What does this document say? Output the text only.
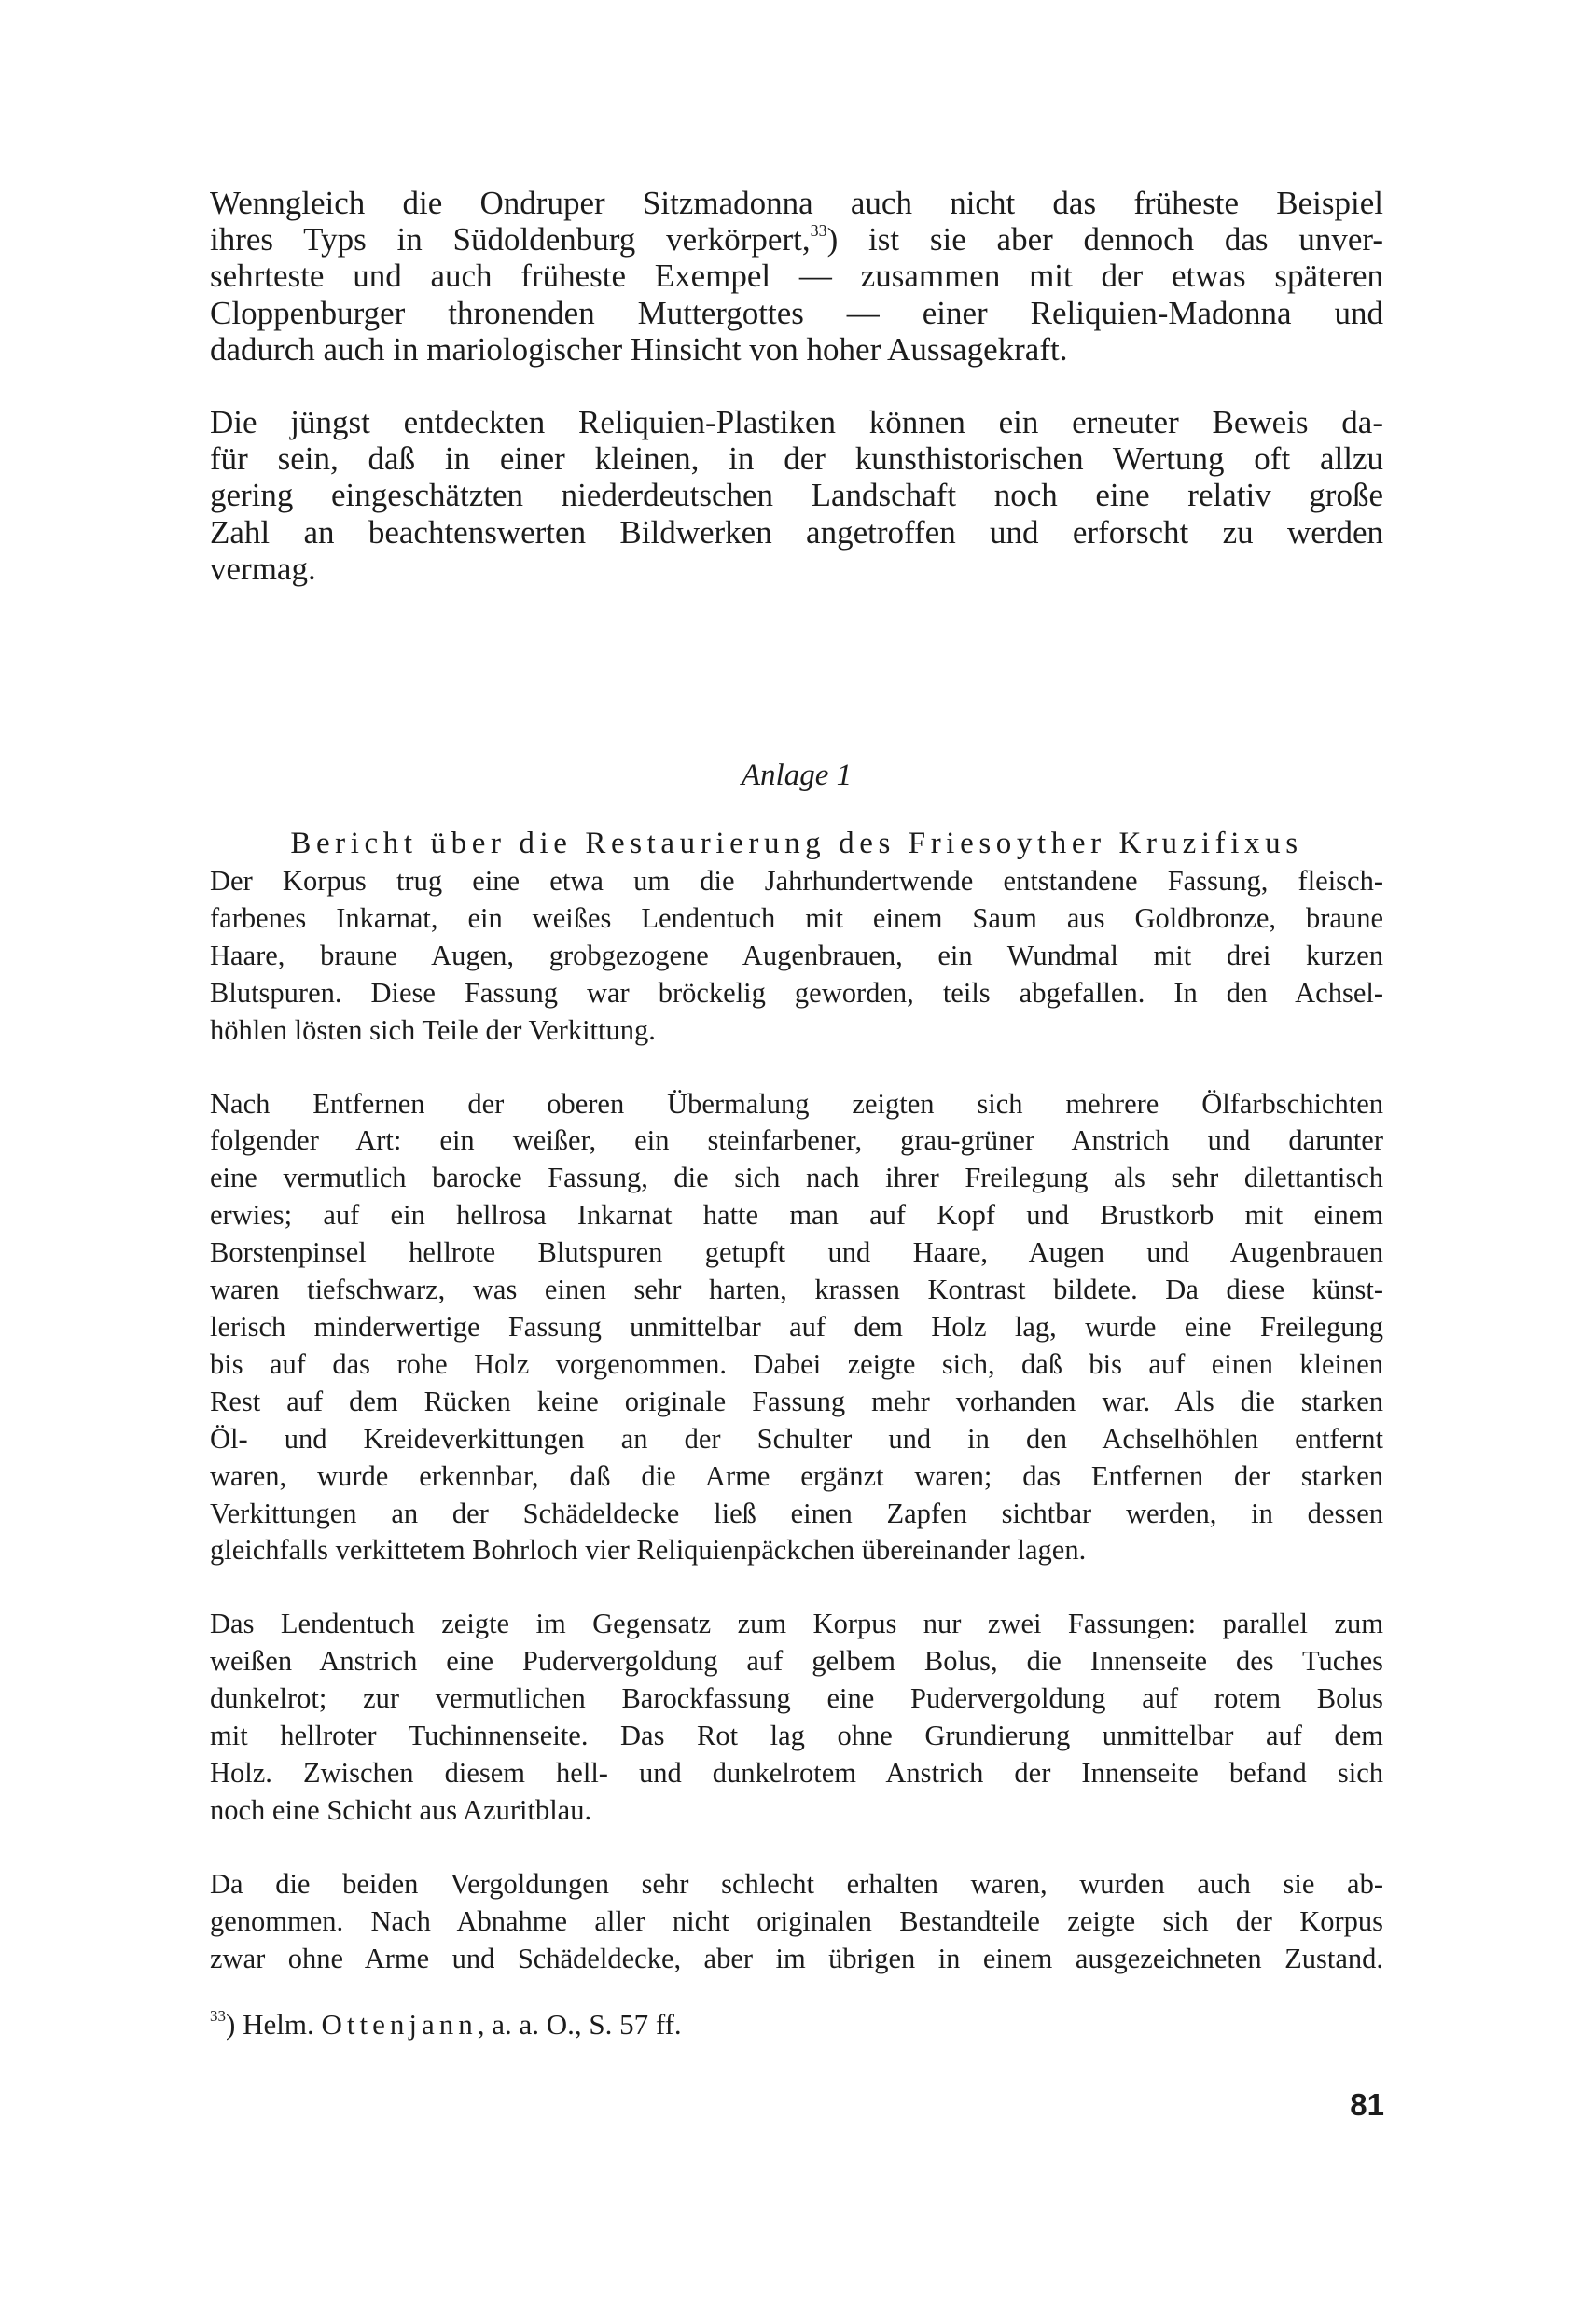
Wenngleich die Ondruper Sitzmadonna auch nicht das früheste Beispiel
ihres Typs in Südoldenburg verkörpert,$^{33}$) ist sie aber dennoch das unver-
sehrteste und auch früheste Exempel — zusammen mit der etwas späteren
Cloppenburger thronenden Muttergottes — einer Reliquien-Madonna und
dadurch auch in mariologischer Hinsicht von hoher Aussagekraft.

Die jüngst entdeckten Reliquien-Plastiken können ein erneuter Beweis da-
für sein, daß in einer kleinen, in der kunsthistorischen Wertung oft allzu
gering eingeschätzten niederdeutschen Landschaft noch eine relativ große
Zahl an beachtenswerten Bildwerken angetroffen und erforscht zu werden
vermag.

Anlage 1

Bericht über die Restaurierung des Friesoyther Kruzifixus

Der Korpus trug eine etwa um die Jahrhundertwende entstandene Fassung, fleisch-
farbenes Inkarnat, ein weißes Lendentuch mit einem Saum aus Goldbronze, braune
Haare, braune Augen, grobgezogene Augenbrauen, ein Wundmal mit drei kurzen
Blutspuren. Diese Fassung war bröckelig geworden, teils abgefallen. In den Achsel-
höhlen lösten sich Teile der Verkittung.

Nach Entfernen der oberen Übermalung zeigten sich mehrere Ölfarbschichten
folgender Art: ein weißer, ein steinfarbener, grau-grüner Anstrich und darunter
eine vermutlich barocke Fassung, die sich nach ihrer Freilegung als sehr dilettantisch
erwies; auf ein hellrosa Inkarnat hatte man auf Kopf und Brustkorb mit einem
Borstenpinsel hellrote Blutspuren getupft und Haare, Augen und Augenbrauen
waren tiefschwarz, was einen sehr harten, krassen Kontrast bildete. Da diese künst-
lerisch minderwertige Fassung unmittelbar auf dem Holz lag, wurde eine Freilegung
bis auf das rohe Holz vorgenommen. Dabei zeigte sich, daß bis auf einen kleinen
Rest auf dem Rücken keine originale Fassung mehr vorhanden war. Als die starken
Öl- und Kreideverkittungen an der Schulter und in den Achselhöhlen entfernt
waren, wurde erkennbar, daß die Arme ergänzt waren; das Entfernen der starken
Verkittungen an der Schädeldecke ließ einen Zapfen sichtbar werden, in dessen
gleichfalls verkittetem Bohrloch vier Reliquienpäckchen übereinander lagen.

Das Lendentuch zeigte im Gegensatz zum Korpus nur zwei Fassungen: parallel zum
weißen Anstrich eine Pudervergoldung auf gelbem Bolus, die Innenseite des Tuches
dunkelrot; zur vermutlichen Barockfassung eine Pudervergoldung auf rotem Bolus
mit hellroter Tuchinnenseite. Das Rot lag ohne Grundierung unmittelbar auf dem
Holz. Zwischen diesem hell- und dunkelrotem Anstrich der Innenseite befand sich
noch eine Schicht aus Azuritblau.

Da die beiden Vergoldungen sehr schlecht erhalten waren, wurden auch sie ab-
genommen. Nach Abnahme aller nicht originalen Bestandteile zeigte sich der Korpus
zwar ohne Arme und Schädeldecke, aber im übrigen in einem ausgezeichneten Zustand.

$^{33}$) Helm. Ottenjann, a. a. O., S. 57 ff.

81
